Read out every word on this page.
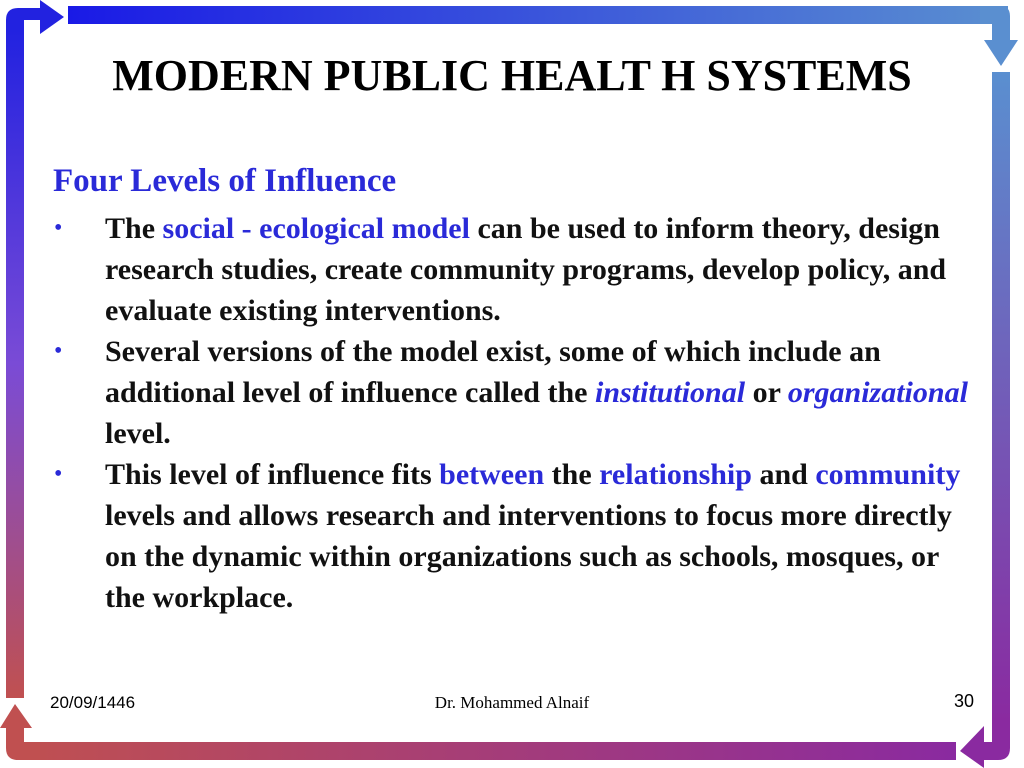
MODERN PUBLIC HEALT H SYSTEMS
Four Levels of Influence
• The social - ecological model can be used to inform theory, design research studies, create community programs, develop policy, and evaluate existing interventions.
• Several versions of the model exist, some of which include an additional level of influence called the institutional or organizational level.
• This level of influence fits between the relationship and community levels and allows research and interventions to focus more directly on the dynamic within organizations such as schools, mosques, or the workplace.
20/09/1446	Dr. Mohammed Alnaif	30
